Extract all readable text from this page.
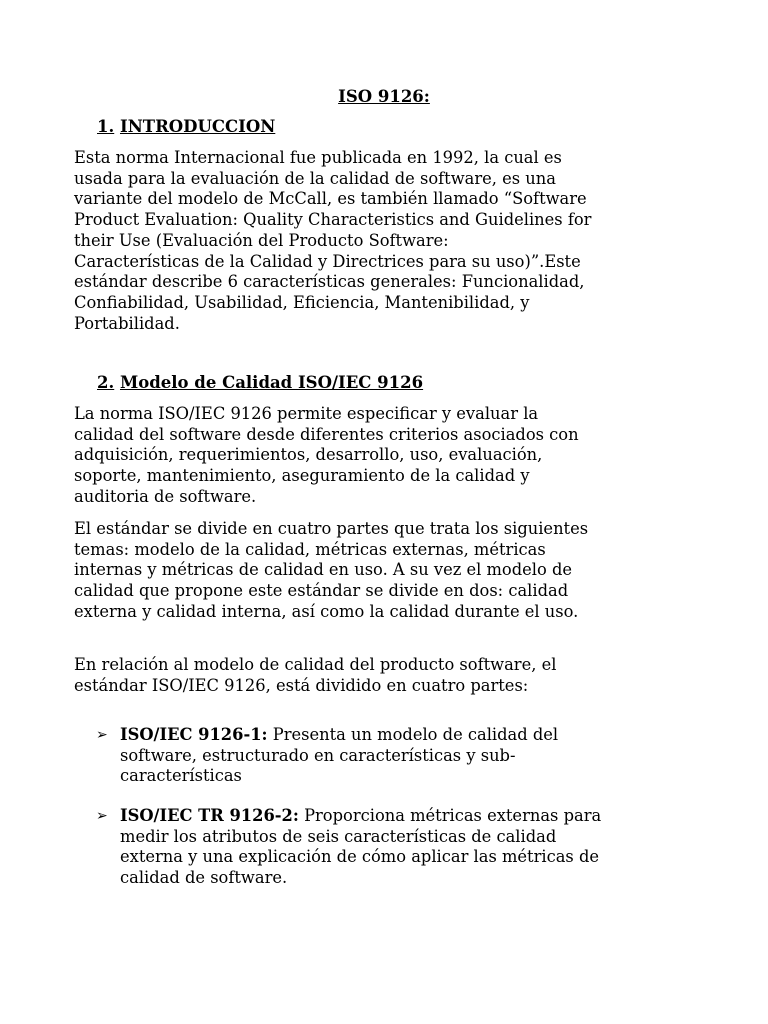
ISO 9126:
1. INTRODUCCION
Esta norma Internacional fue publicada en 1992, la cual es
usada para la evaluación de la calidad de software, es una
variante del modelo de McCall, es también llamado “Software
Product Evaluation: Quality Characteristics and Guidelines for
their Use (Evaluación del Producto Software:
Características de la Calidad y Directrices para su uso)”.Este
estándar describe 6 características generales: Funcionalidad,
Confiabilidad, Usabilidad, Eficiencia, Mantenibilidad, y
Portabilidad.
2. Modelo de Calidad ISO/IEC 9126
La norma ISO/IEC 9126 permite especificar y evaluar la
calidad del software desde diferentes criterios asociados con
adquisición, requerimientos, desarrollo, uso, evaluación,
soporte, mantenimiento, aseguramiento de la calidad y
auditoria de software.
El estándar se divide en cuatro partes que trata los siguientes
temas: modelo de la calidad, métricas externas, métricas
internas y métricas de calidad en uso. A su vez el modelo de
calidad que propone este estándar se divide en dos: calidad
externa y calidad interna, así como la calidad durante el uso.
En relación al modelo de calidad del producto software, el
estándar ISO/IEC 9126, está dividido en cuatro partes:
➢ ISO/IEC 9126-1: Presenta un modelo de calidad del
software, estructurado en características y sub-
características
➢ ISO/IEC TR 9126-2: Proporciona métricas externas para
medir los atributos de seis características de calidad
externa y una explicación de cómo aplicar las métricas de
calidad de software.
